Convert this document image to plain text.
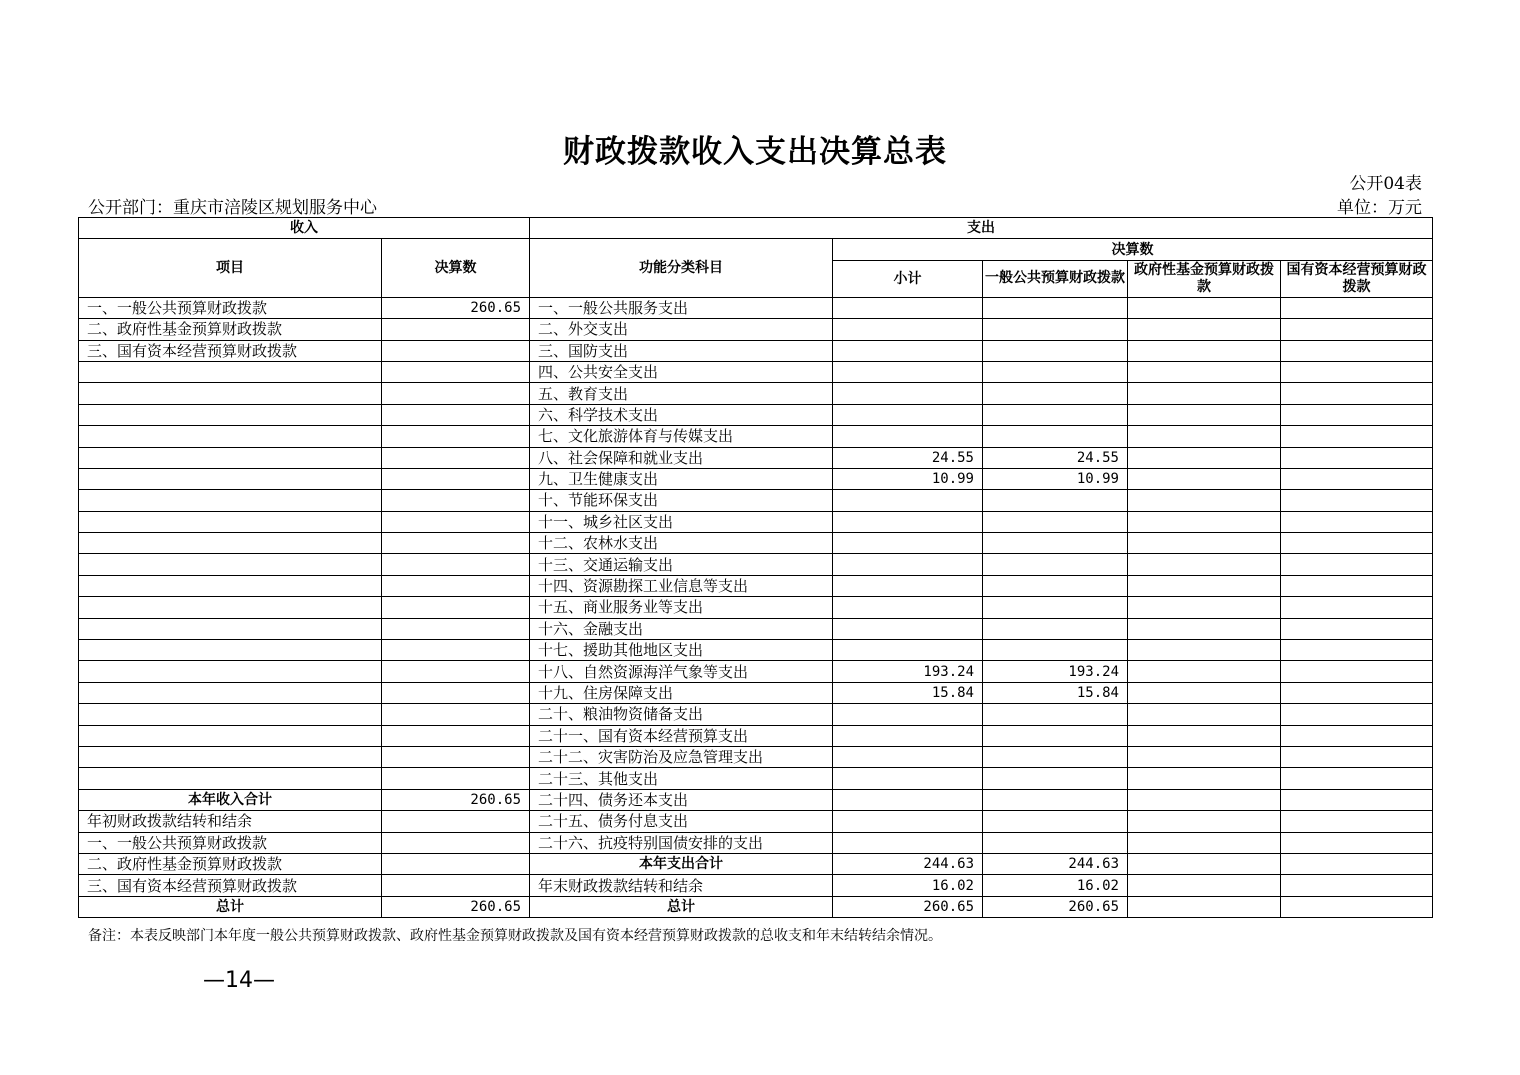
财政拨款收入支出决算总表
公开04表
公开部门：重庆市涪陵区规划服务中心	单位：万元
收入		支出				
项目	决算数	功能分类科目	决算数			
			小计	一般公共预算财政拨款	政府性基金预算财政拨款	国有资本经营预算财政拨款
一、一般公共预算财政拨款	260.65	一、一般公共服务支出				
二、政府性基金预算财政拨款		二、外交支出				
三、国有资本经营预算财政拨款		三、国防支出				
		四、公共安全支出				
		五、教育支出				
		六、科学技术支出				
		七、文化旅游体育与传媒支出				
		八、社会保障和就业支出	24.55	24.55		
		九、卫生健康支出	10.99	10.99		
		十、节能环保支出				
		十一、城乡社区支出				
		十二、农林水支出				
		十三、交通运输支出				
		十四、资源勘探工业信息等支出				
		十五、商业服务业等支出				
		十六、金融支出				
		十七、援助其他地区支出				
		十八、自然资源海洋气象等支出	193.24	193.24		
		十九、住房保障支出	15.84	15.84		
		二十、粮油物资储备支出				
		二十一、国有资本经营预算支出				
		二十二、灾害防治及应急管理支出				
		二十三、其他支出				
本年收入合计	260.65	二十四、债务还本支出				
年初财政拨款结转和结余		二十五、债务付息支出				
一、一般公共预算财政拨款		二十六、抗疫特别国债安排的支出				
二、政府性基金预算财政拨款		本年支出合计	244.63	244.63		
三、国有资本经营预算财政拨款		年末财政拨款结转和结余	16.02	16.02		
总计	260.65	总计	260.65	260.65		
备注：本表反映部门本年度一般公共预算财政拨款、政府性基金预算财政拨款及国有资本经营预算财政拨款的总收支和年末结转结余情况。
—14—
